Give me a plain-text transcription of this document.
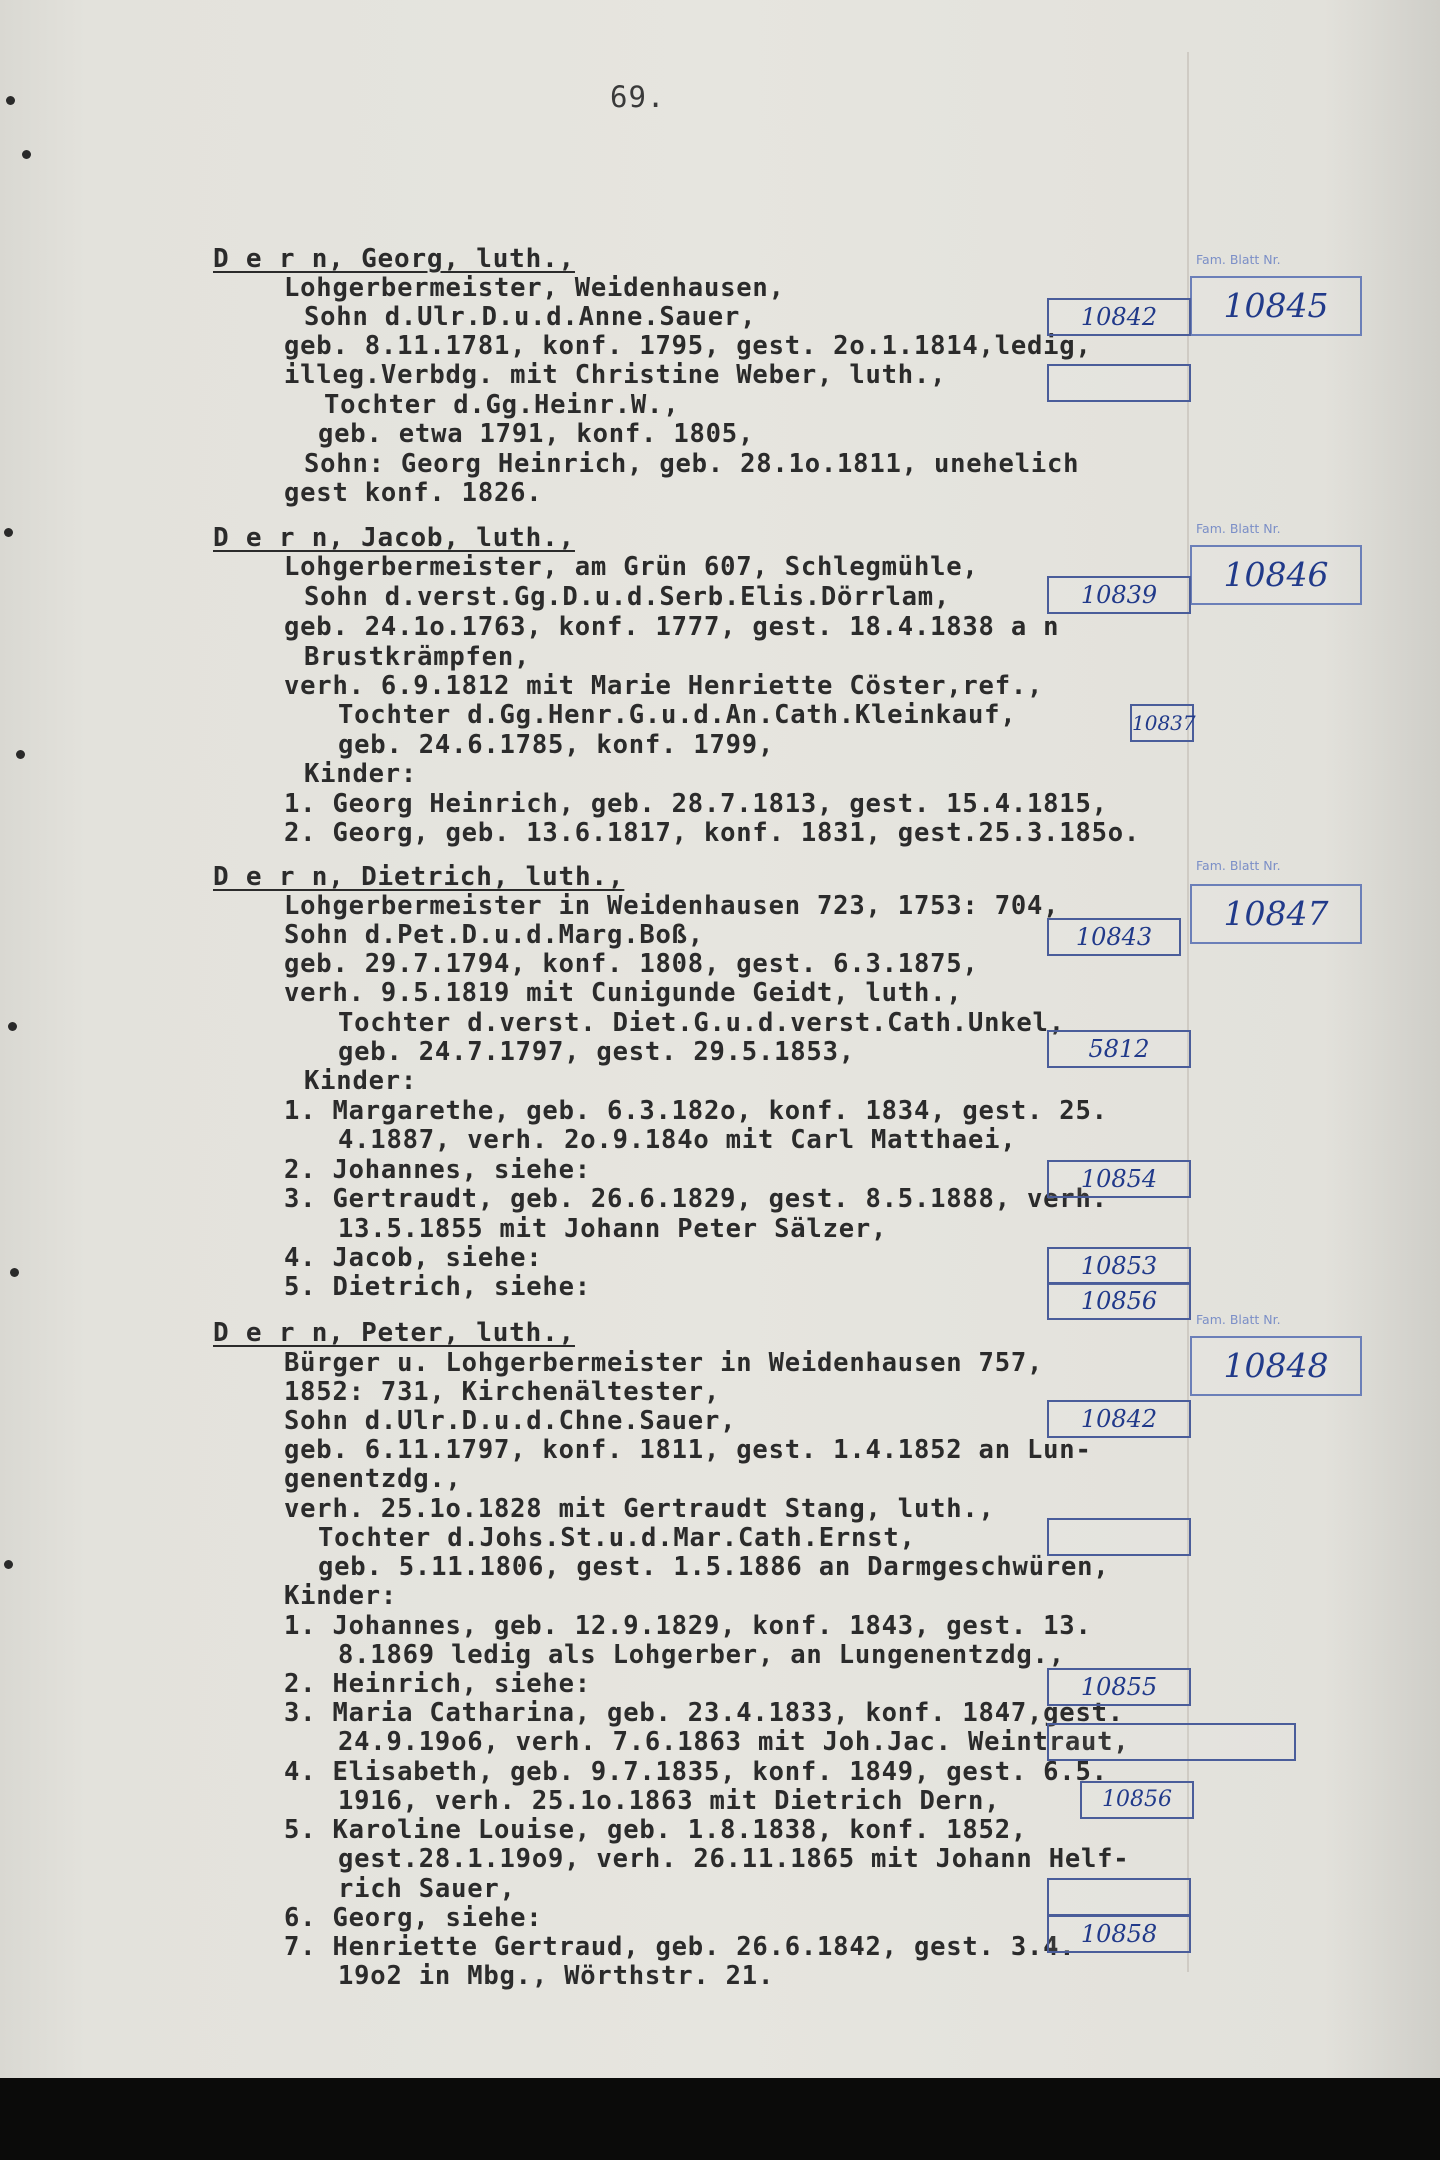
69.
D e r n, Georg, luth.,
Lohgerbermeister, Weidenhausen,
Sohn d.Ulr.D.u.d.Anne.Sauer,
geb. 8.11.1781, konf. 1795, gest. 2o.1.1814,ledig,
illeg.Verbdg. mit Christine Weber, luth.,
Tochter d.Gg.Heinr.W.,
geb. etwa 1791, konf. 1805,
Sohn: Georg Heinrich, geb. 28.1o.1811, unehelich
gest konf. 1826.
Fam. Blatt Nr.
10845
10842
D e r n, Jacob, luth.,
Lohgerbermeister, am Grün 607, Schlegmühle,
Sohn d.verst.Gg.D.u.d.Serb.Elis.Dörrlam,
geb. 24.1o.1763, konf. 1777, gest. 18.4.1838 a n
Brustkrämpfen,
verh. 6.9.1812 mit Marie Henriette Cöster,ref.,
Tochter d.Gg.Henr.G.u.d.An.Cath.Kleinkauf,
geb. 24.6.1785, konf. 1799,
Kinder:
1. Georg Heinrich, geb. 28.7.1813, gest. 15.4.1815,
2. Georg, geb. 13.6.1817, konf. 1831, gest.25.3.185o.
Fam. Blatt Nr.
10846
10839
10837
D e r n, Dietrich, luth.,
Lohgerbermeister in Weidenhausen 723, 1753: 704,
Sohn d.Pet.D.u.d.Marg.Boß,
geb. 29.7.1794, konf. 1808, gest. 6.3.1875,
verh. 9.5.1819 mit Cunigunde Geidt, luth.,
Tochter d.verst. Diet.G.u.d.verst.Cath.Unkel,
geb. 24.7.1797, gest. 29.5.1853,
Kinder:
1. Margarethe, geb. 6.3.182o, konf. 1834, gest. 25.
4.1887, verh. 2o.9.184o mit Carl Matthaei,
2. Johannes, siehe:
3. Gertraudt, geb. 26.6.1829, gest. 8.5.1888, verh.
13.5.1855 mit Johann Peter Sälzer,
4. Jacob, siehe:
5. Dietrich, siehe:
Fam. Blatt Nr.
10847
10843
5812
10854
10853
10856
D e r n, Peter, luth.,
Bürger u. Lohgerbermeister in Weidenhausen 757,
1852: 731, Kirchenältester,
Sohn d.Ulr.D.u.d.Chne.Sauer,
geb. 6.11.1797, konf. 1811, gest. 1.4.1852 an Lun-
genentzdg.,
verh. 25.1o.1828 mit Gertraudt Stang, luth.,
Tochter d.Johs.St.u.d.Mar.Cath.Ernst,
geb. 5.11.1806, gest. 1.5.1886 an Darmgeschwüren,
Kinder:
1. Johannes, geb. 12.9.1829, konf. 1843, gest. 13.
8.1869 ledig als Lohgerber, an Lungenentzdg.,
2. Heinrich, siehe:
3. Maria Catharina, geb. 23.4.1833, konf. 1847,gest.
24.9.19o6, verh. 7.6.1863 mit Joh.Jac. Weintraut,
4. Elisabeth, geb. 9.7.1835, konf. 1849, gest. 6.5.
1916, verh. 25.1o.1863 mit Dietrich Dern,
5. Karoline Louise, geb. 1.8.1838, konf. 1852,
gest.28.1.19o9, verh. 26.11.1865 mit Johann Helf-
rich Sauer,
6. Georg, siehe:
7. Henriette Gertraud, geb. 26.6.1842, gest. 3.4.
19o2 in Mbg., Wörthstr. 21.
Fam. Blatt Nr.
10848
10842
10855
10856
10858
